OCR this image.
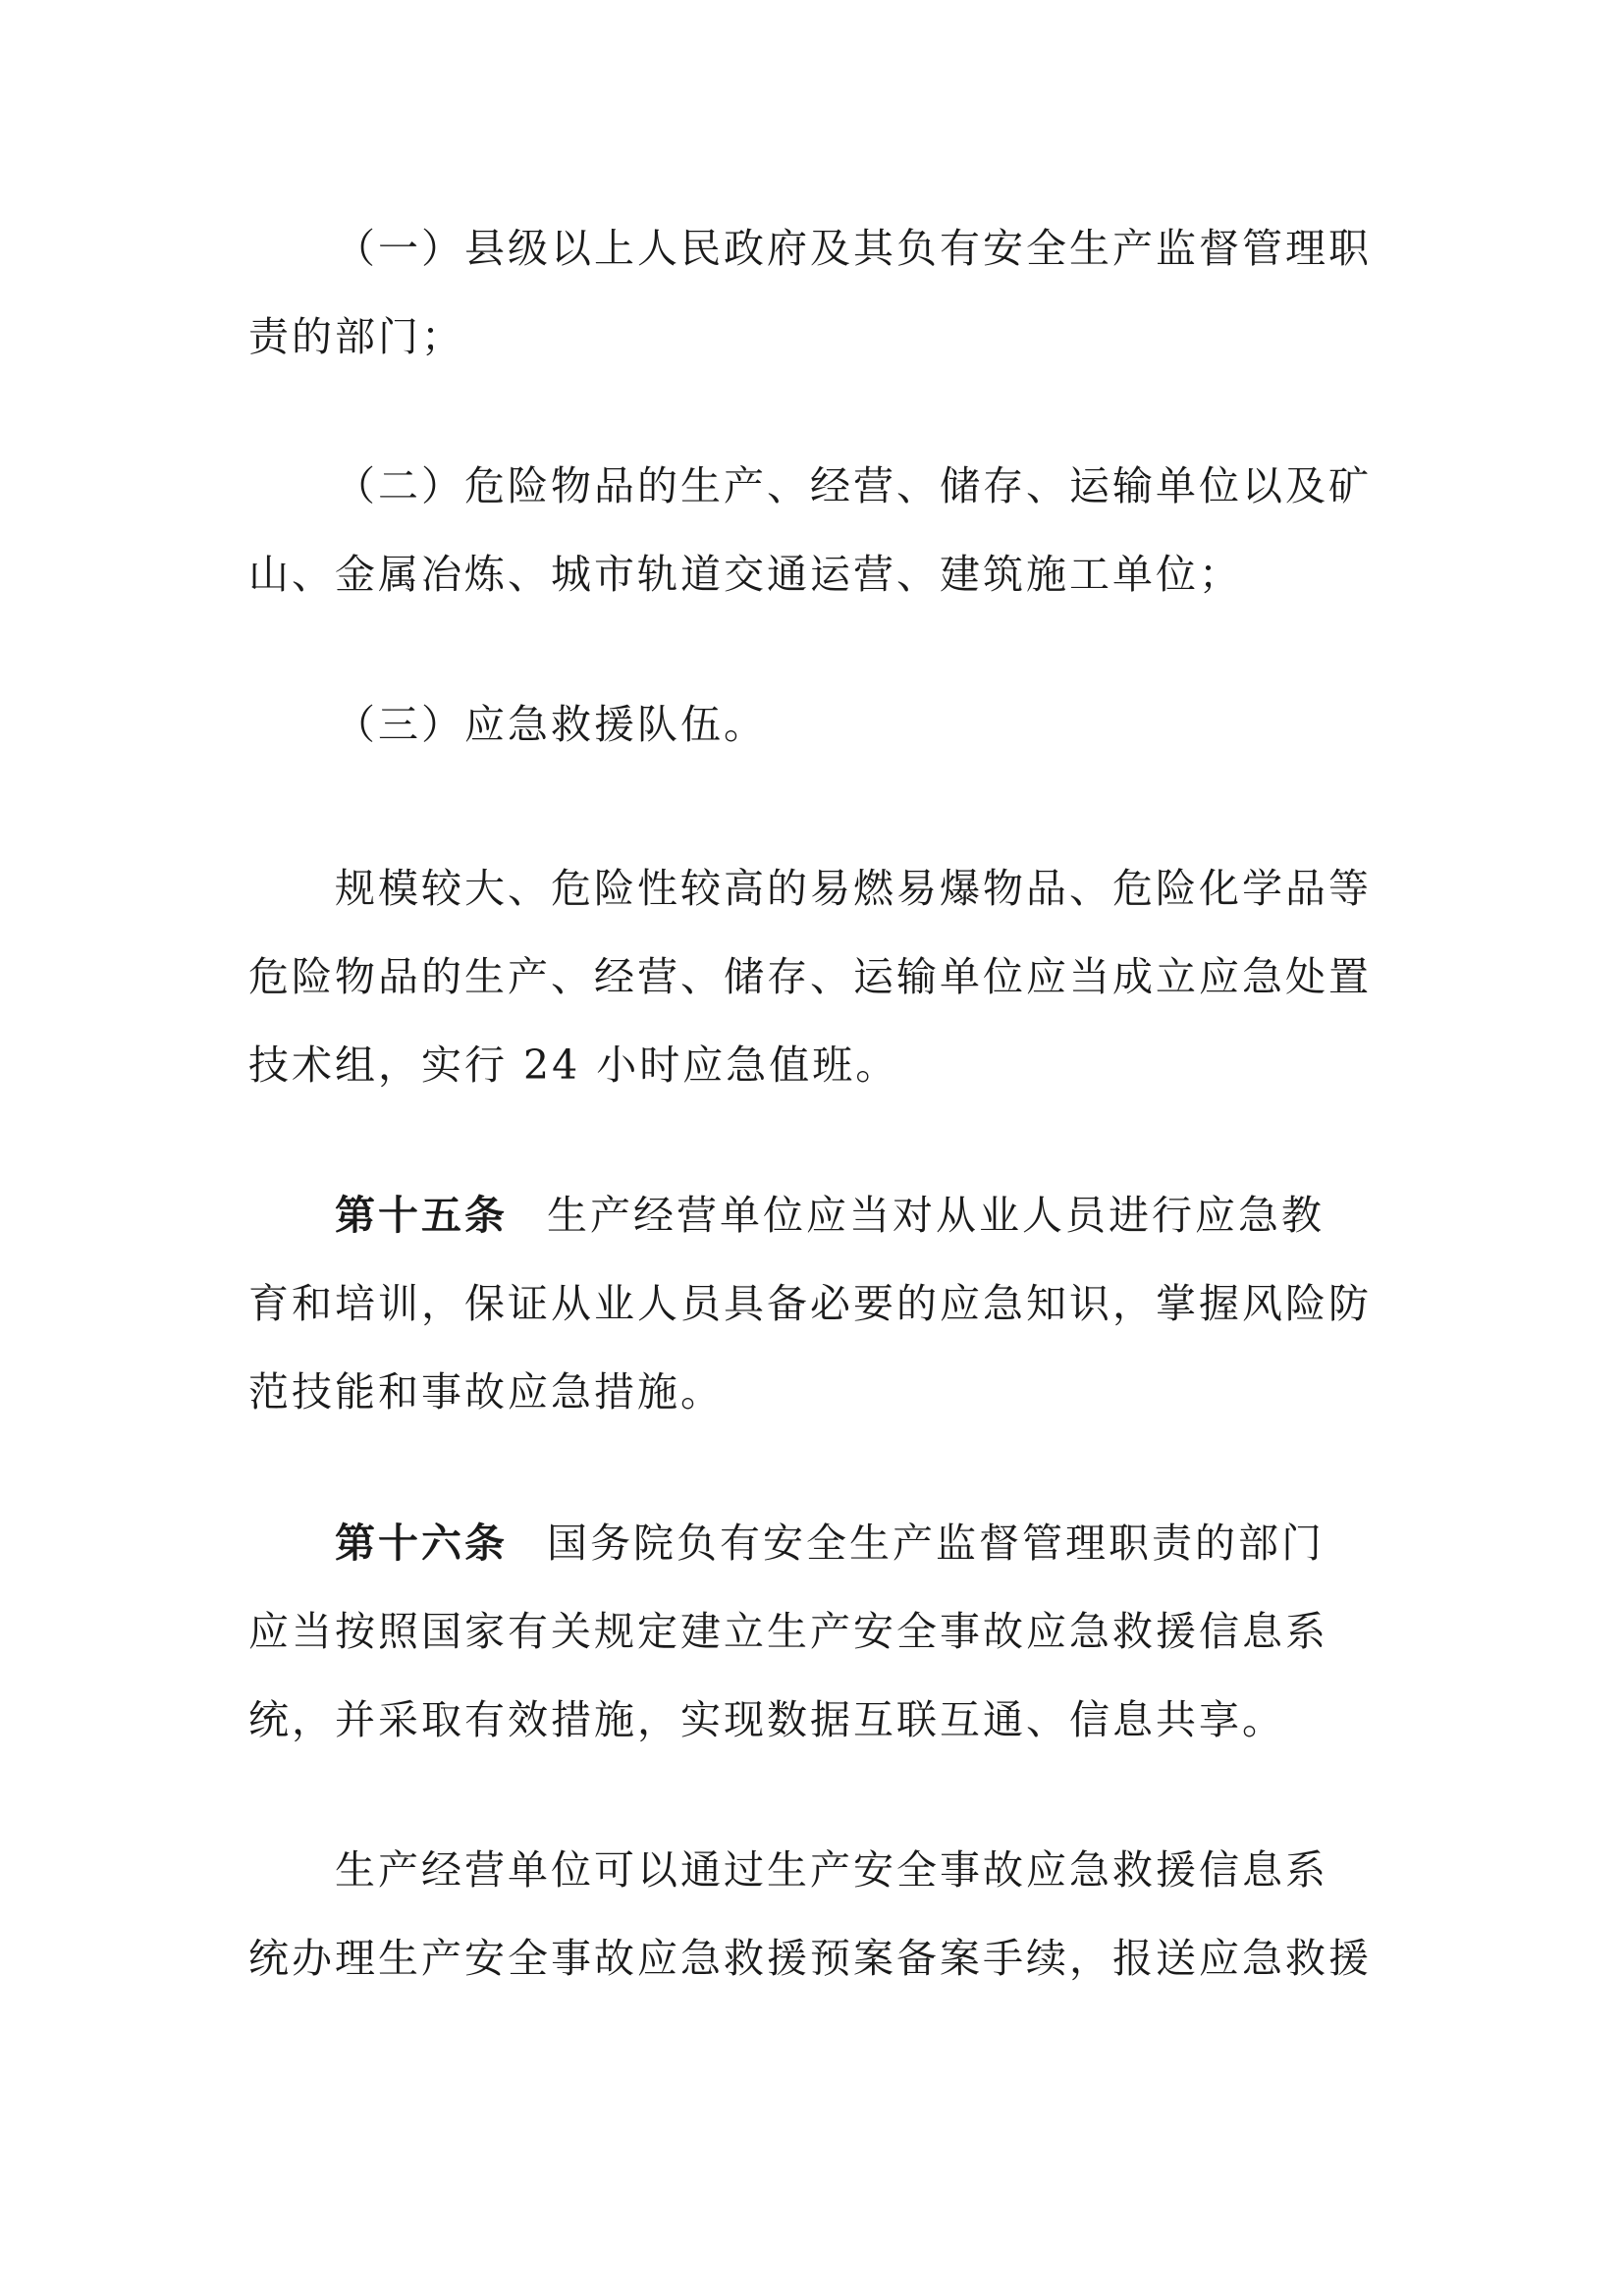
（一）县级以上人民政府及其负有安全生产监督管理职
责的部门；
（二）危险物品的生产、经营、储存、运输单位以及矿
山、金属冶炼、城市轨道交通运营、建筑施工单位；
（三）应急救援队伍。
规模较大、危险性较高的易燃易爆物品、危险化学品等
危险物品的生产、经营、储存、运输单位应当成立应急处置
技术组，实行 24 小时应急值班。
第十五条 生产经营单位应当对从业人员进行应急教
育和培训，保证从业人员具备必要的应急知识，掌握风险防
范技能和事故应急措施。
第十六条 国务院负有安全生产监督管理职责的部门
应当按照国家有关规定建立生产安全事故应急救援信息系
统，并采取有效措施，实现数据互联互通、信息共享。
生产经营单位可以通过生产安全事故应急救援信息系
统办理生产安全事故应急救援预案备案手续，报送应急救援
